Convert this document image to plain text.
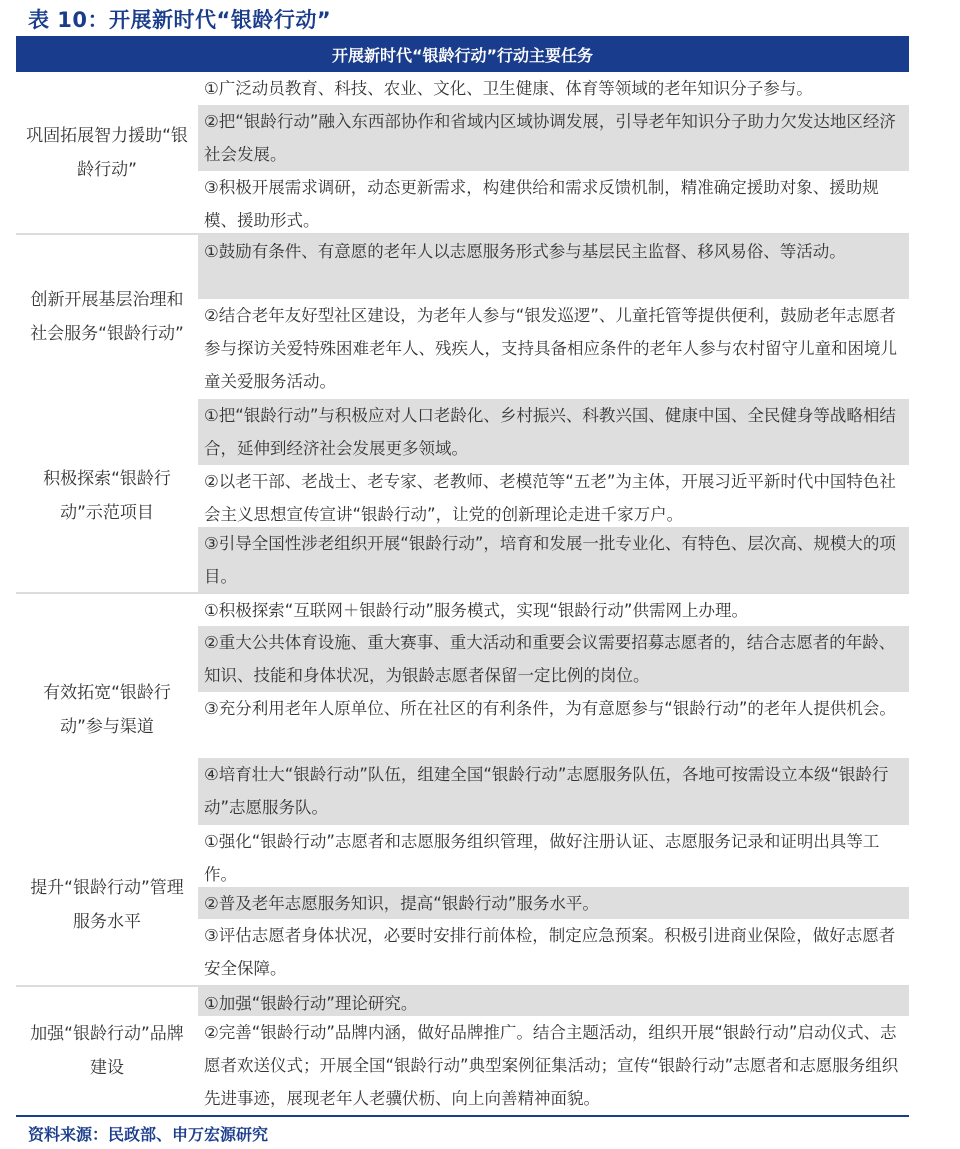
表 10：开展新时代“银龄行动”
开展新时代“银龄行动”行动主要任务
巩固拓展智力援助“银龄行动”
①广泛动员教育、科技、农业、文化、卫生健康、体育等领域的老年知识分子参与。
②把“银龄行动”融入东西部协作和省域内区域协调发展，引导老年知识分子助力欠发达地区经济社会发展。
③积极开展需求调研，动态更新需求，构建供给和需求反馈机制，精准确定援助对象、援助规模、援助形式。
创新开展基层治理和社会服务“银龄行动”
①鼓励有条件、有意愿的老年人以志愿服务形式参与基层民主监督、移风易俗、等活动。
②结合老年友好型社区建设，为老年人参与“银发巡逻”、儿童托管等提供便利，鼓励老年志愿者参与探访关爱特殊困难老年人、残疾人，支持具备相应条件的老年人参与农村留守儿童和困境儿童关爱服务活动。
积极探索“银龄行动”示范项目
①把“银龄行动”与积极应对人口老龄化、乡村振兴、科教兴国、健康中国、全民健身等战略相结合，延伸到经济社会发展更多领域。
②以老干部、老战士、老专家、老教师、老模范等“五老”为主体，开展习近平新时代中国特色社会主义思想宣传宣讲“银龄行动”，让党的创新理论走进千家万户。
③引导全国性涉老组织开展“银龄行动”，培育和发展一批专业化、有特色、层次高、规模大的项目。
有效拓宽“银龄行动”参与渠道
①积极探索“互联网＋银龄行动”服务模式，实现“银龄行动”供需网上办理。
②重大公共体育设施、重大赛事、重大活动和重要会议需要招募志愿者的，结合志愿者的年龄、知识、技能和身体状况，为银龄志愿者保留一定比例的岗位。
③充分利用老年人原单位、所在社区的有利条件，为有意愿参与“银龄行动”的老年人提供机会。
④培育壮大“银龄行动”队伍，组建全国“银龄行动”志愿服务队伍，各地可按需设立本级“银龄行动”志愿服务队。
提升“银龄行动”管理服务水平
①强化“银龄行动”志愿者和志愿服务组织管理，做好注册认证、志愿服务记录和证明出具等工作。
②普及老年志愿服务知识，提高“银龄行动”服务水平。
③评估志愿者身体状况，必要时安排行前体检，制定应急预案。积极引进商业保险，做好志愿者安全保障。
加强“银龄行动”品牌建设
①加强“银龄行动”理论研究。
②完善“银龄行动”品牌内涵，做好品牌推广。结合主题活动，组织开展“银龄行动”启动仪式、志愿者欢送仪式；开展全国“银龄行动”典型案例征集活动；宣传“银龄行动”志愿者和志愿服务组织先进事迹，展现老年人老骥伏枥、向上向善精神面貌。
资料来源：民政部、申万宏源研究
